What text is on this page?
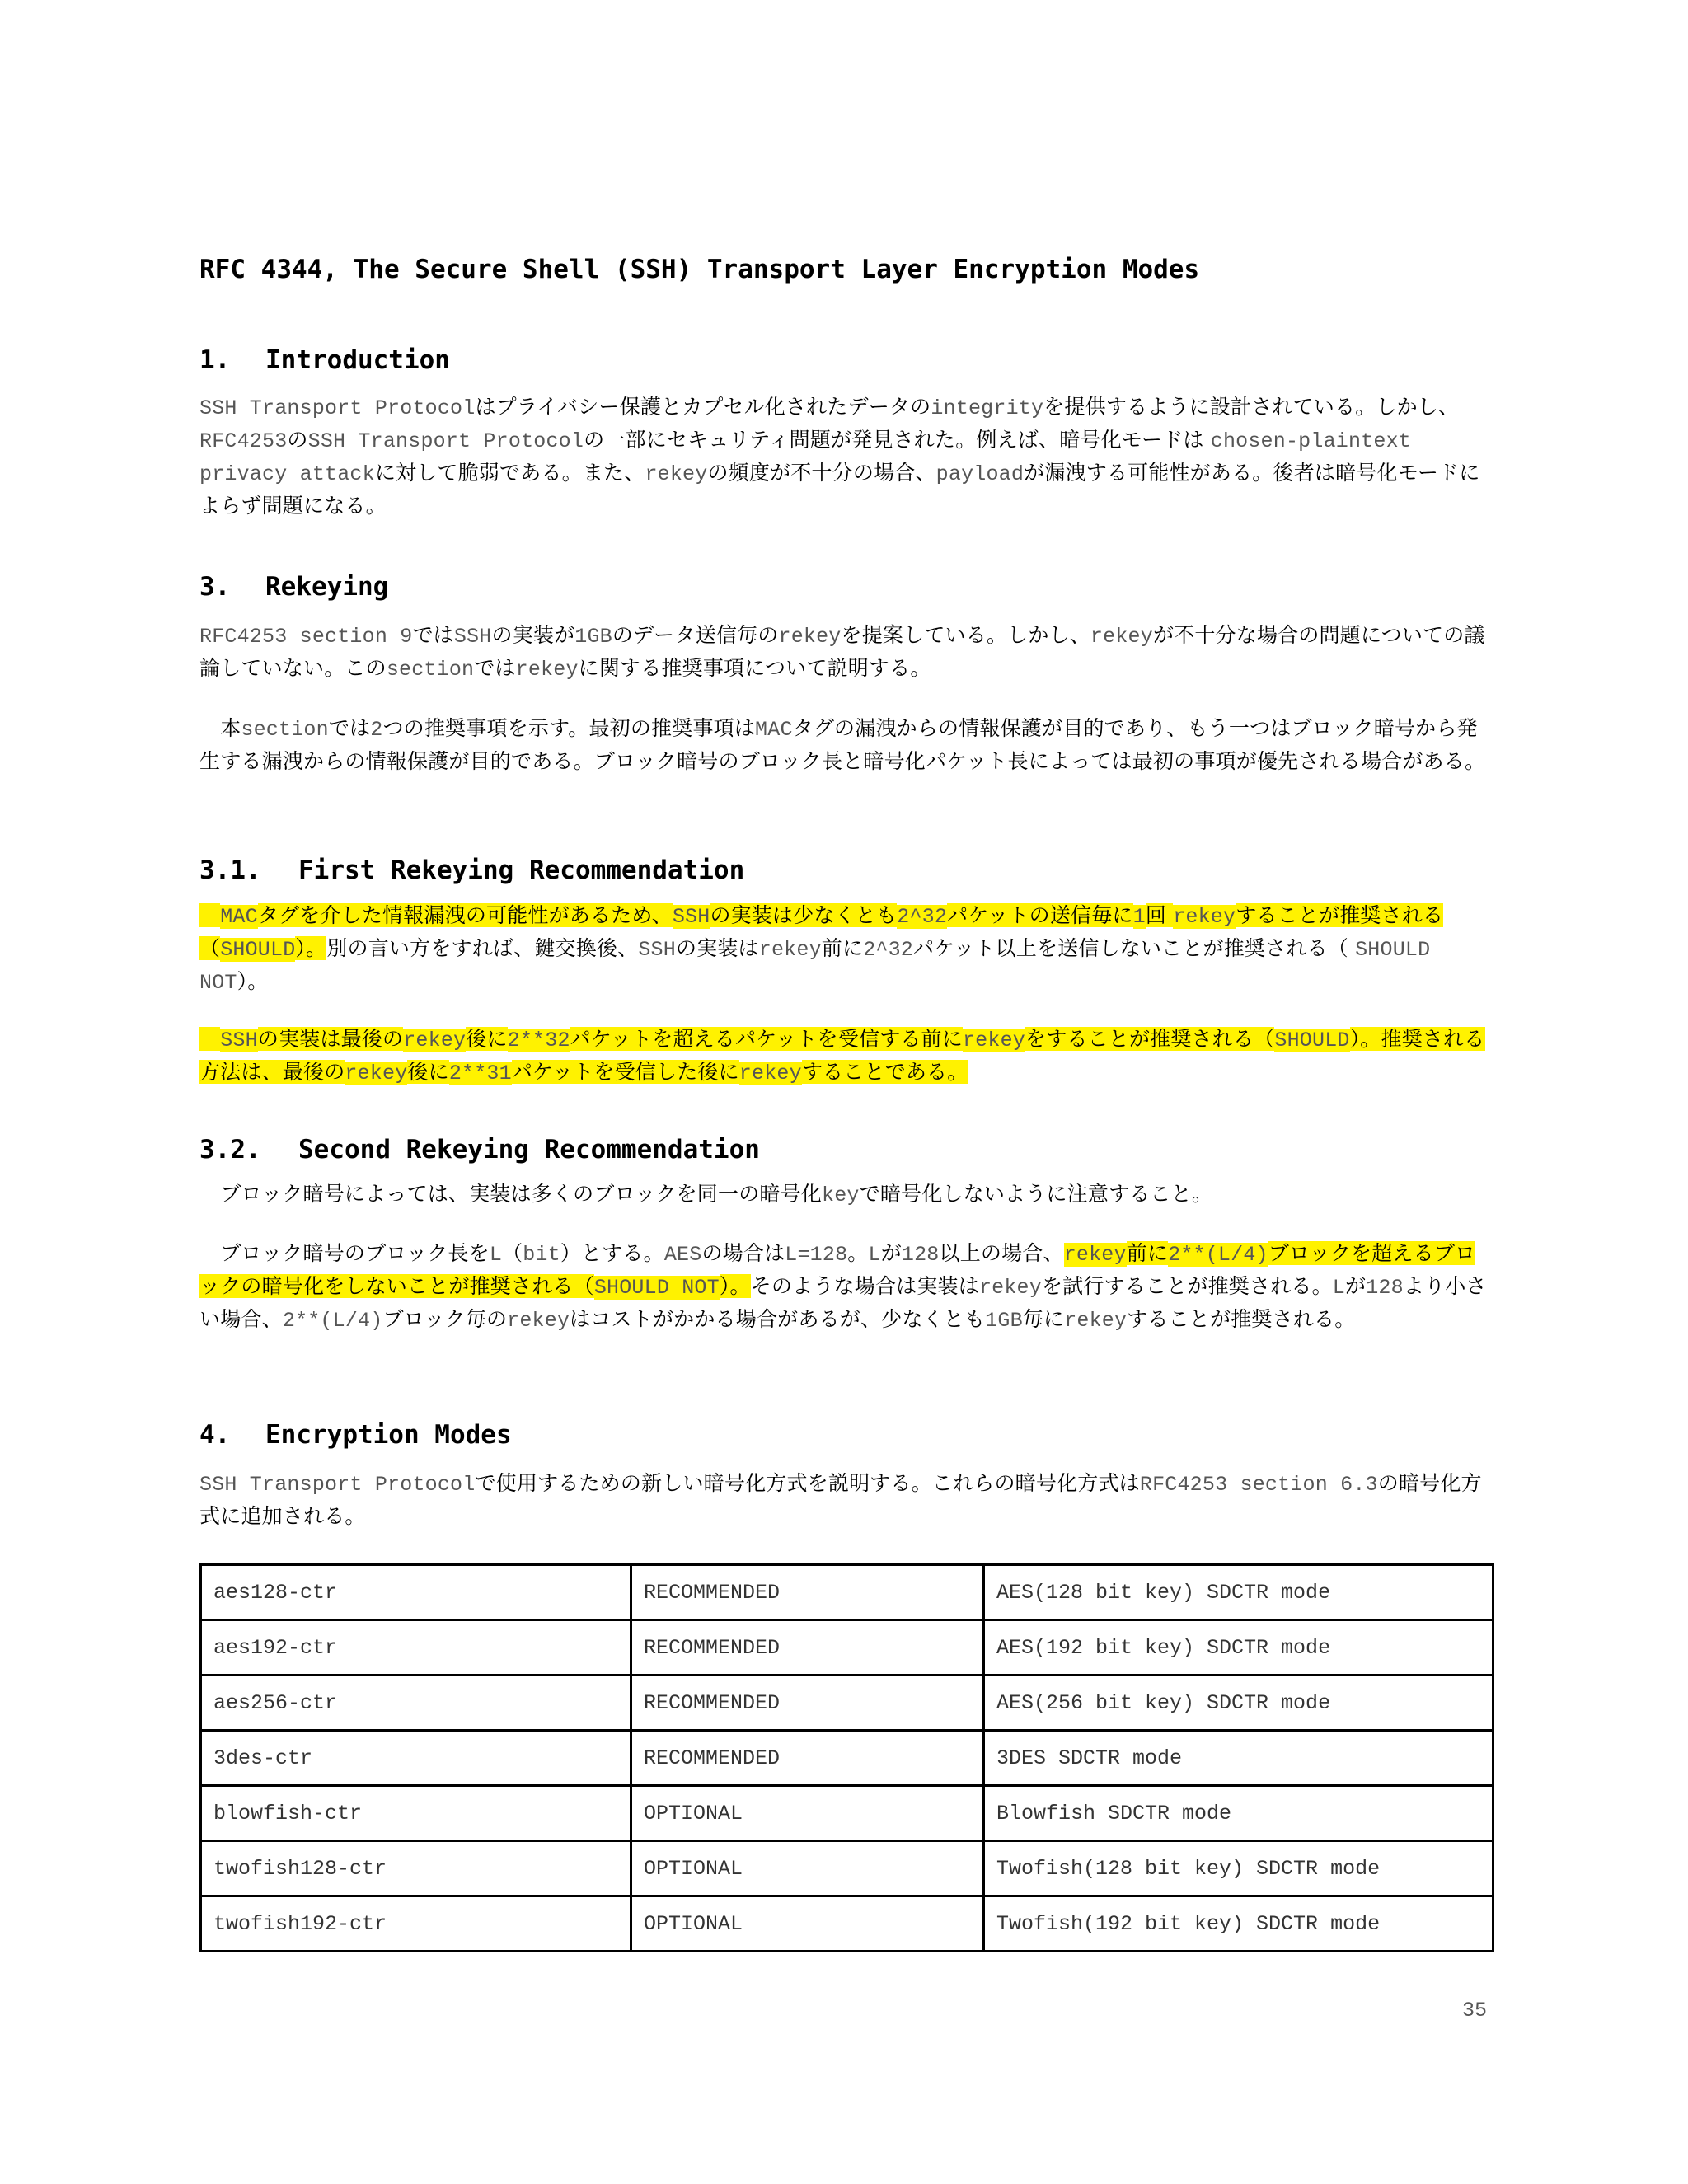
RFC 4344, The Secure Shell (SSH) Transport Layer Encryption Modes
1. Introduction

SSH Transport Protocolはプライバシー保護とカプセル化されたデータのintegrityを提供するように設計されている。しかし、RFC4253のSSH Transport Protocolの一部にセキュリティ問題が発見された。例えば、暗号化モードは chosen-plaintext privacy attackに対して脆弱である。また、rekeyの頻度が不十分の場合、payloadが漏洩する可能性がある。後者は暗号化モードによらず問題になる。

3. Rekeying

RFC4253 section 9ではSSHの実装が1GBのデータ送信毎のrekeyを提案している。しかし、rekeyが不十分な場合の問題についての議論していない。このsectionではrekeyに関する推奨事項について説明する。

　本sectionでは2つの推奨事項を示す。最初の推奨事項はMACタグの漏洩からの情報保護が目的であり、もう一つはブロック暗号から発生する漏洩からの情報保護が目的である。ブロック暗号のブロック長と暗号化パケット長によっては最初の事項が優先される場合がある。

3.1. First Rekeying Recommendation

　MACタグを介した情報漏洩の可能性があるため、SSHの実装は少なくとも2^32パケットの送信毎に1回 rekeyすることが推奨される（SHOULD）。別の言い方をすれば、鍵交換後、SSHの実装はrekey前に2^32パケット以上を送信しないことが推奨される（ SHOULD NOT）。

　SSHの実装は最後のrekey後に2**32パケットを超えるパケットを受信する前にrekeyをすることが推奨される（SHOULD）。推奨される方法は、最後のrekey後に2**31パケットを受信した後にrekeyすることである。

3.2. Second Rekeying Recommendation

　ブロック暗号によっては、実装は多くのブロックを同一の暗号化keyで暗号化しないように注意すること。

　ブロック暗号のブロック長をL（bit）とする。AESの場合はL=128。Lが128以上の場合、rekey前に2**(L/4)ブロックを超えるブロックの暗号化をしないことが推奨される（SHOULD NOT）。そのような場合は実装はrekeyを試行することが推奨される。Lが128より小さい場合、2**(L/4)ブロック毎のrekeyはコストがかかる場合があるが、少なくとも1GB毎にrekeyすることが推奨される。

4. Encryption Modes

SSH Transport Protocolで使用するための新しい暗号化方式を説明する。これらの暗号化方式はRFC4253 section 6.3の暗号化方式に追加される。

aes128-ctr	RECOMMENDED	AES(128 bit key) SDCTR mode
aes192-ctr	RECOMMENDED	AES(192 bit key) SDCTR mode
aes256-ctr	RECOMMENDED	AES(256 bit key) SDCTR mode
3des-ctr	RECOMMENDED	3DES SDCTR mode
blowfish-ctr	OPTIONAL	Blowfish SDCTR mode
twofish128-ctr	OPTIONAL	Twofish(128 bit key) SDCTR mode
twofish192-ctr	OPTIONAL	Twofish(192 bit key) SDCTR mode
35
